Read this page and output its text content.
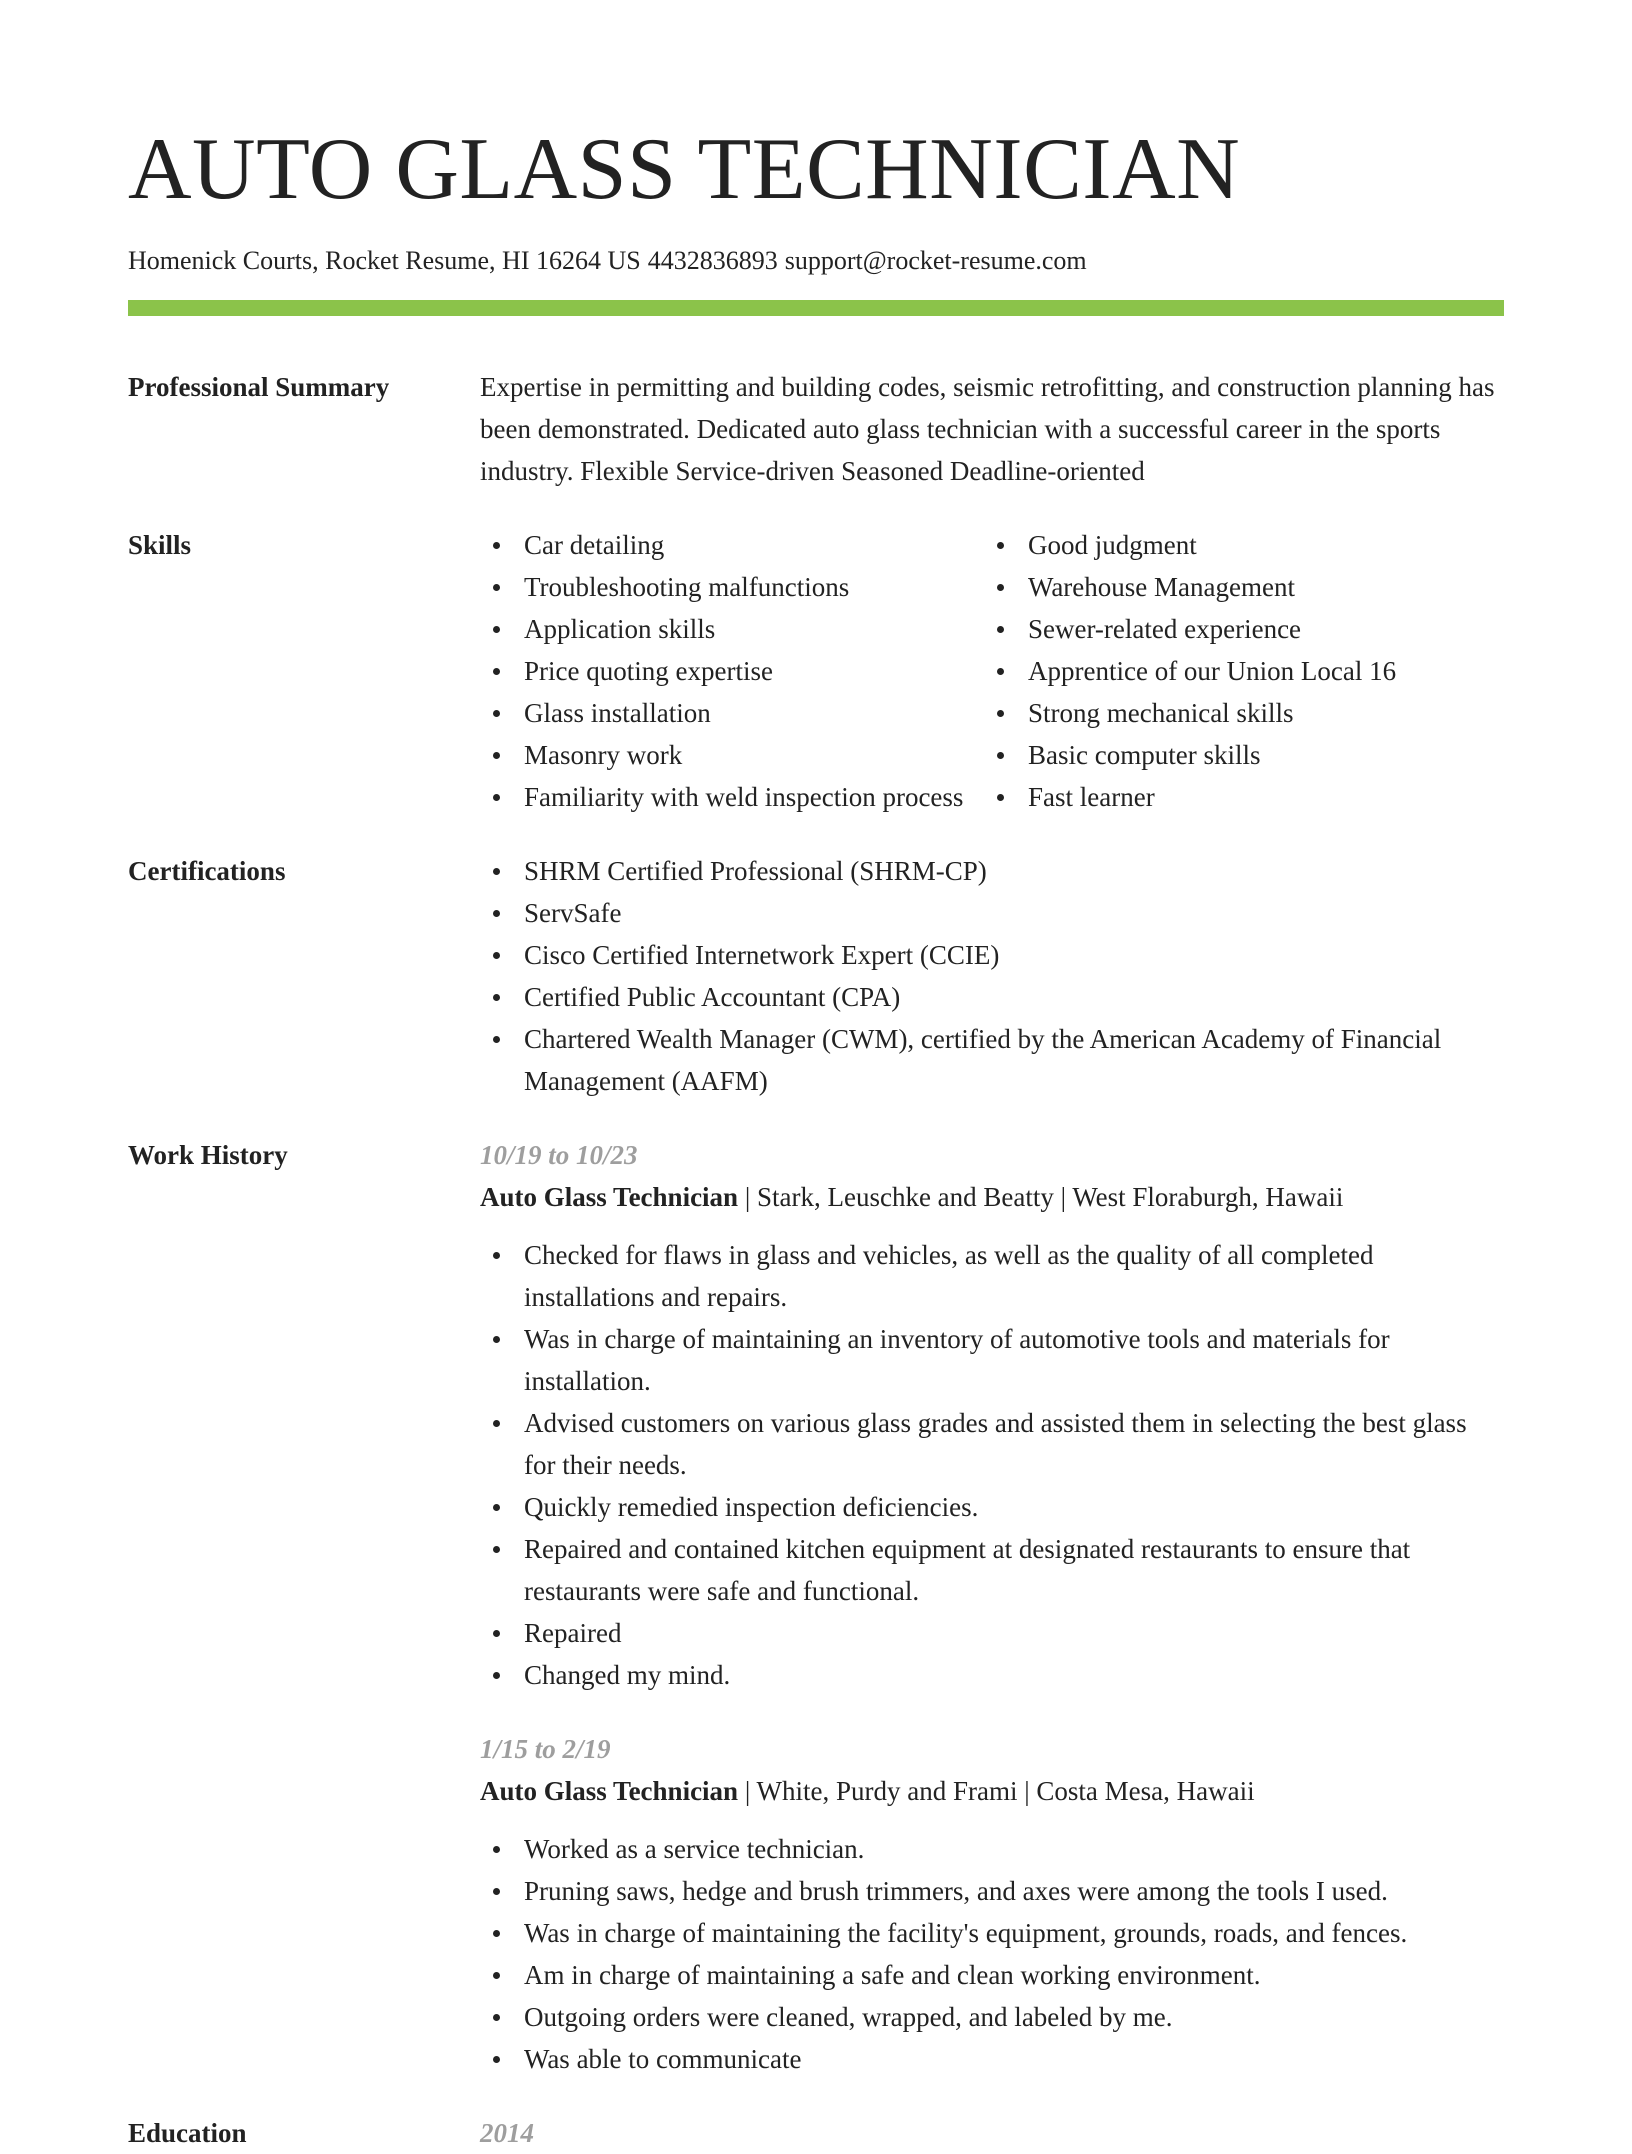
AUTO GLASS TECHNICIAN
Homenick Courts, Rocket Resume, HI 16264 US 4432836893 support@rocket-resume.com
Professional Summary	Expertise in permitting and building codes, seismic retrofitting, and construction planning has been demonstrated. Dedicated auto glass technician with a successful career in the sports industry. Flexible Service-driven Seasoned Deadline-oriented
Skills	Car detailing
Troubleshooting malfunctions
Application skills
Price quoting expertise
Glass installation
Masonry work
Familiarity with weld inspection process
Good judgment
Warehouse Management
Sewer-related experience
Apprentice of our Union Local 16
Strong mechanical skills
Basic computer skills
Fast learner
Certifications	SHRM Certified Professional (SHRM-CP)
ServSafe
Cisco Certified Internetwork Expert (CCIE)
Certified Public Accountant (CPA)
Chartered Wealth Manager (CWM), certified by the American Academy of Financial Management (AAFM)
Work History	10/19 to 10/23
Auto Glass Technician | Stark, Leuschke and Beatty | West Floraburgh, Hawaii
Checked for flaws in glass and vehicles, as well as the quality of all completed installations and repairs.
Was in charge of maintaining an inventory of automotive tools and materials for installation.
Advised customers on various glass grades and assisted them in selecting the best glass for their needs.
Quickly remedied inspection deficiencies.
Repaired and contained kitchen equipment at designated restaurants to ensure that restaurants were safe and functional.
Repaired
Changed my mind.
1/15 to 2/19
Auto Glass Technician | White, Purdy and Frami | Costa Mesa, Hawaii
Worked as a service technician.
Pruning saws, hedge and brush trimmers, and axes were among the tools I used.
Was in charge of maintaining the facility's equipment, grounds, roads, and fences.
Am in charge of maintaining a safe and clean working environment.
Outgoing orders were cleaned, wrapped, and labeled by me.
Was able to communicate
Education	2014
